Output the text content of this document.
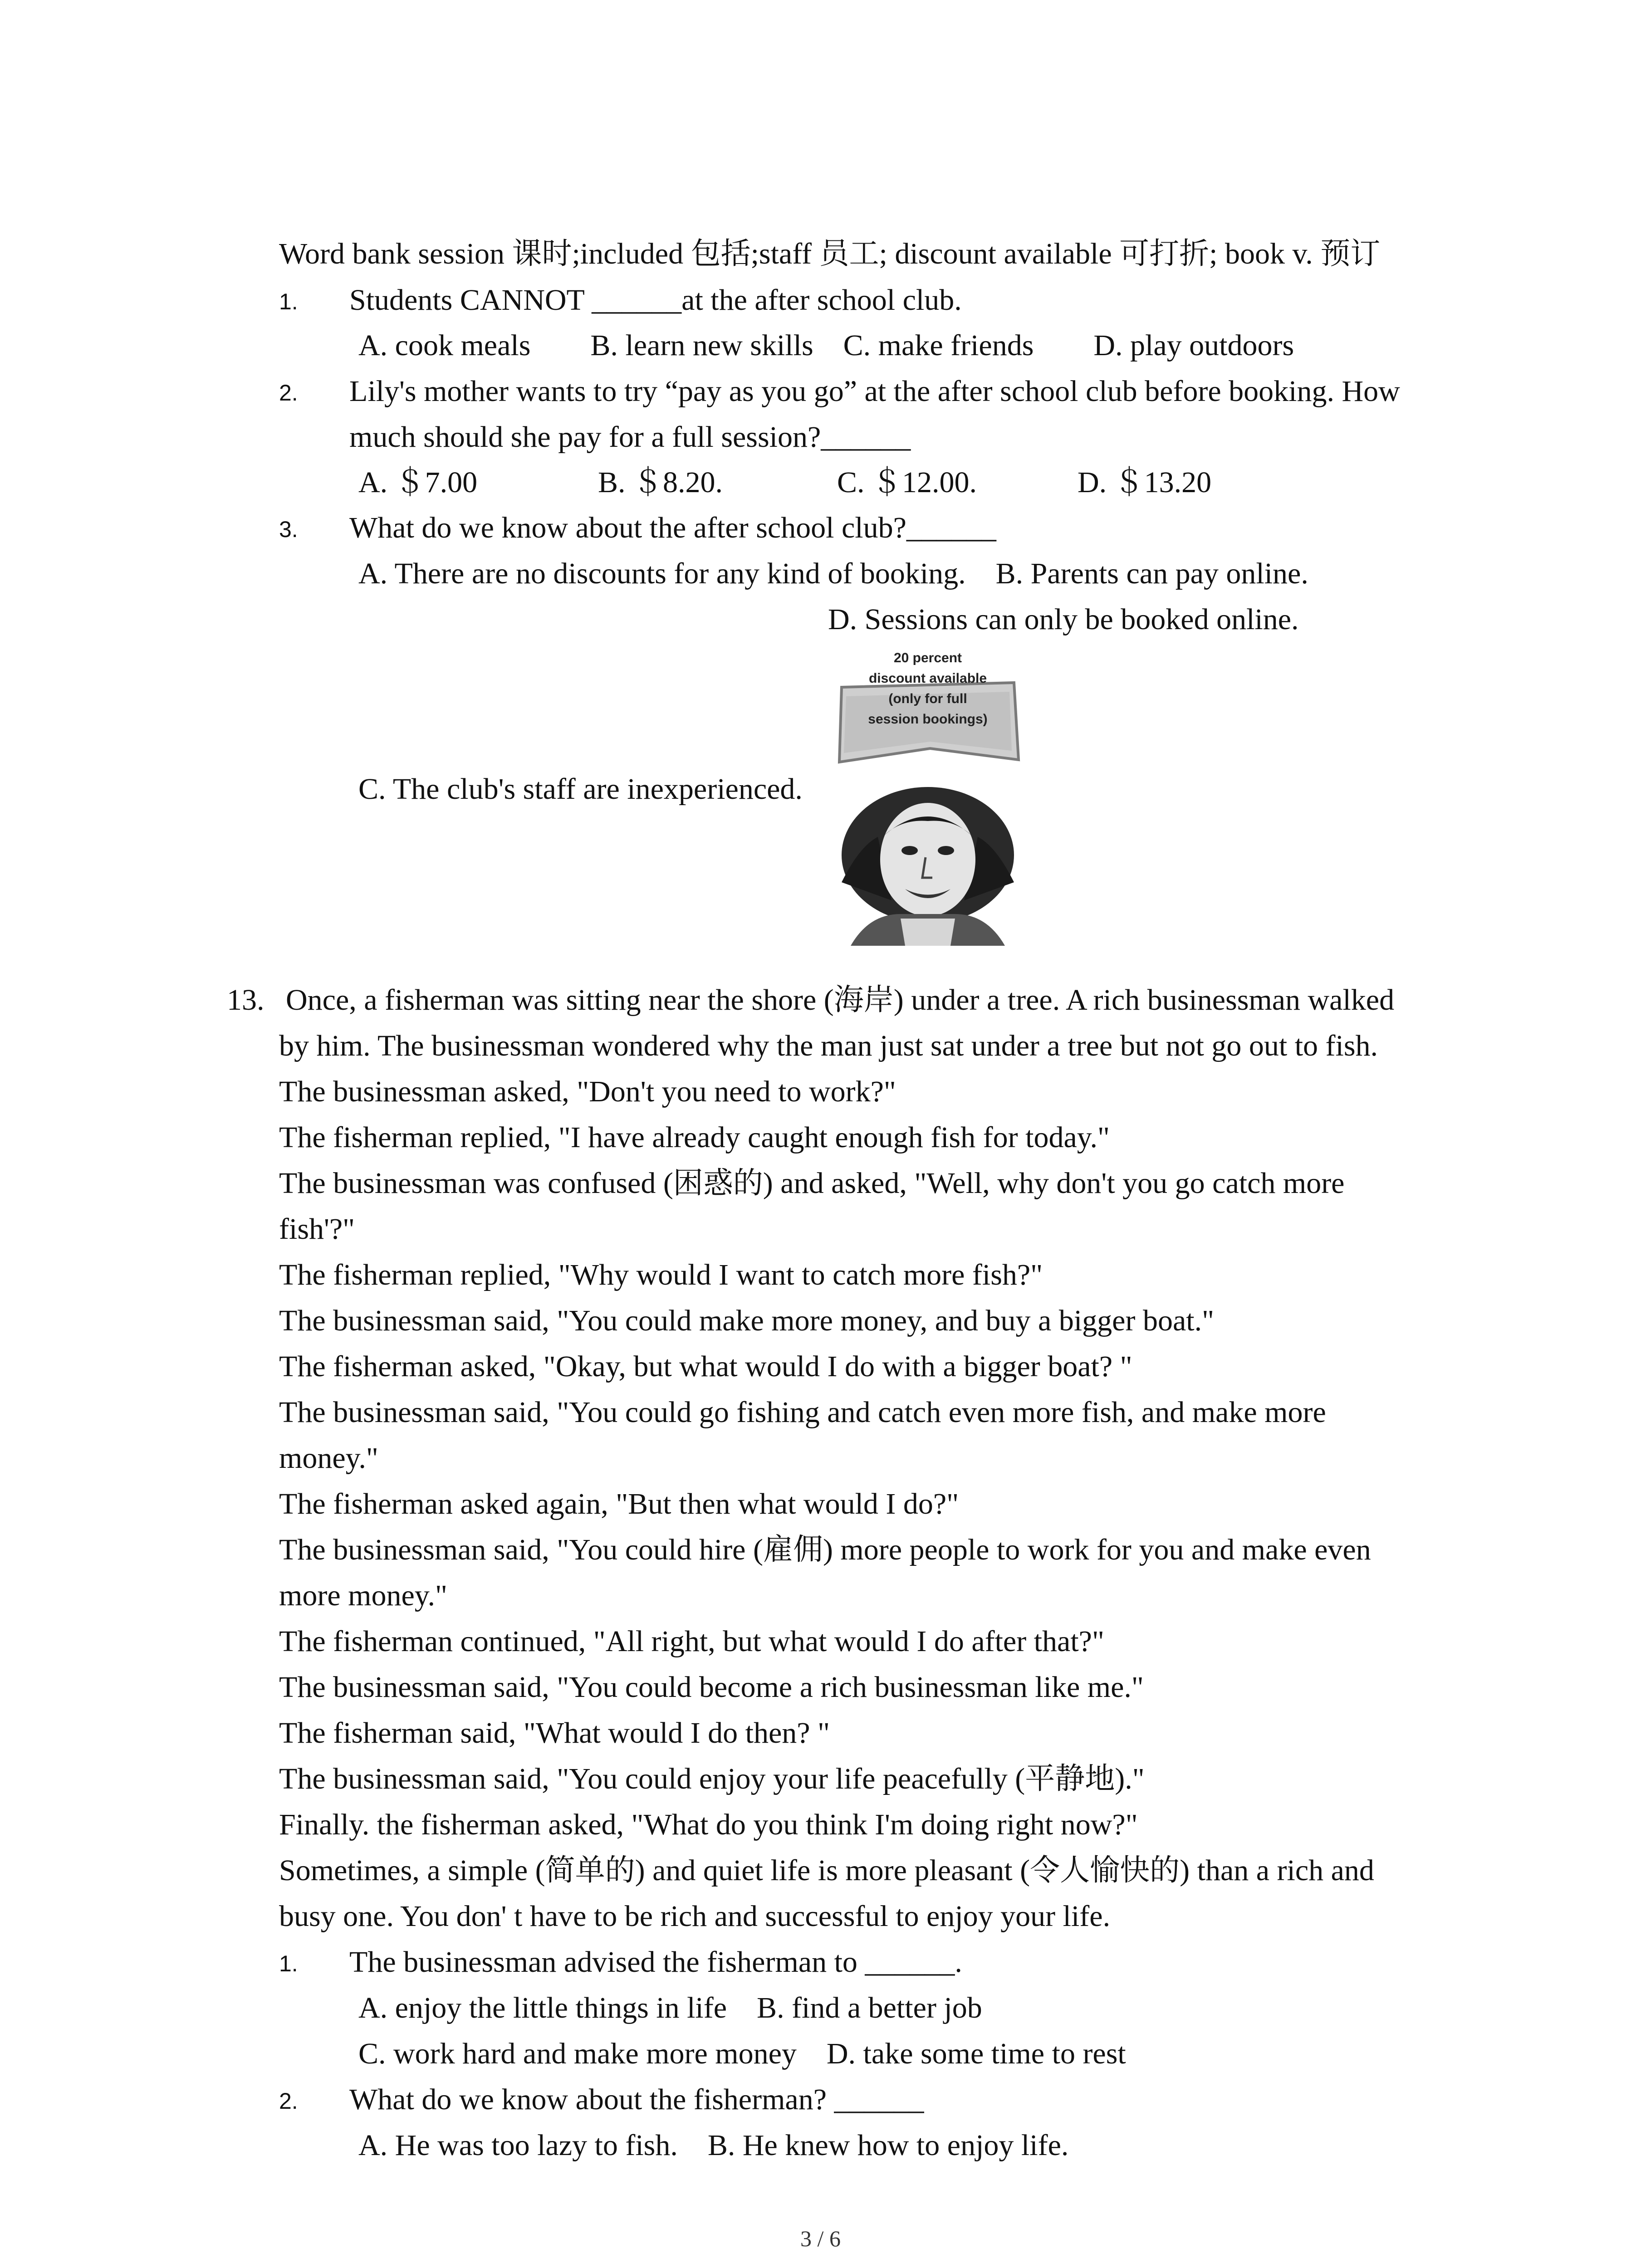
Word bank session 课时;included 包括;staff 员工; discount available 可打折; book v. 预订
1. Students CANNOT ______at the after school club.
A. cook meals  B. learn new skills C. make friends  D. play outdoors
2. Lily's mother wants to try “pay as you go” at the after school club before booking. How
much should she pay for a full session?______
A. ＄7.00	B. ＄8.20.	C. ＄12.00.	D. ＄13.20
3. What do we know about the after school club?______
A. There are no discounts for any kind of booking. B. Parents can pay online.
D. Sessions can only be booked online.
C. The club's staff are inexperienced.
20 percent
discount available
(only for full
session bookings)
13. Once, a fisherman was sitting near the shore (海岸) under a tree. A rich businessman walked
by him. The businessman wondered why the man just sat under a tree but not go out to fish.
The businessman asked, "Don't you need to work?"
The fisherman replied, "I have already caught enough fish for today."
The businessman was confused (困惑的) and asked, "Well, why don't you go catch more
fish'?"
The fisherman replied, "Why would I want to catch more fish?"
The businessman said, "You could make more money, and buy a bigger boat."
The fisherman asked, "Okay, but what would I do with a bigger boat? "
The businessman said, "You could go fishing and catch even more fish, and make more
money."
The fisherman asked again, "But then what would I do?"
The businessman said, "You could hire (雇佣) more people to work for you and make even
more money."
The fisherman continued, "All right, but what would I do after that?"
The businessman said, "You could become a rich businessman like me."
The fisherman said, "What would I do then? "
The businessman said, "You could enjoy your life peacefully (平静地)."
Finally. the fisherman asked, "What do you think I'm doing right now?"
Sometimes, a simple (简单的) and quiet life is more pleasant (令人愉快的) than a rich and
busy one. You don' t have to be rich and successful to enjoy your life.
1. The businessman advised the fisherman to ______.
A. enjoy the little things in life B. find a better job
C. work hard and make more money D. take some time to rest
2. What do we know about the fisherman? ______
A. He was too lazy to fish. B. He knew how to enjoy life.
3 / 6
